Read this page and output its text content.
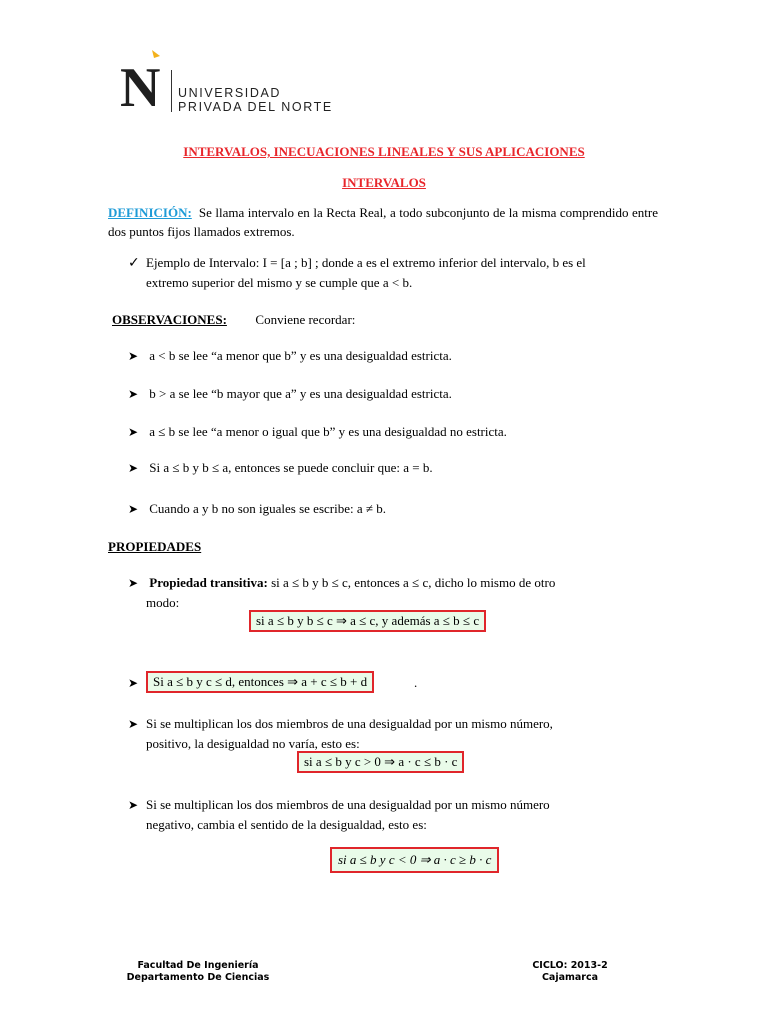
N UNIVERSIDAD
PRIVADA DEL NORTE
INTERVALOS, INECUACIONES LINEALES Y SUS APLICACIONES
INTERVALOS
DEFINICIÓN: Se llama intervalo en la Recta Real, a todo subconjunto de la misma comprendido entre dos puntos fijos llamados extremos.
✓ Ejemplo de Intervalo: I = [a ; b] ; donde a es el extremo inferior del intervalo, b es el
extremo superior del mismo y se cumple que a < b.
OBSERVACIONES: Conviene recordar:
➤ a < b se lee “a menor que b” y es una desigualdad estricta.
➤ b > a se lee “b mayor que a” y es una desigualdad estricta.
➤ a ≤ b se lee “a menor o igual que b” y es una desigualdad no estricta.
➤ Si a ≤ b y b ≤ a, entonces se puede concluir que: a = b.
➤ Cuando a y b no son iguales se escribe: a ≠ b.
PROPIEDADES
➤ Propiedad transitiva: si a ≤ b y b ≤ c, entonces a ≤ c, dicho lo mismo de otro
modo:
si a ≤ b y b ≤ c ⇒ a ≤ c, y además a ≤ b ≤ c
➤	Si a ≤ b y c ≤ d, entonces ⇒ a + c ≤ b + d	.
➤ Si se multiplican los dos miembros de una desigualdad por un mismo número,
positivo, la desigualdad no varía, esto es:
si a ≤ b y c > 0 ⇒ a · c ≤ b · c
➤ Si se multiplican los dos miembros de una desigualdad por un mismo número
negativo, cambia el sentido de la desigualdad, esto es:
si a ≤ b y c < 0 ⇒ a · c ≥ b · c
Facultad De Ingeniería
Departamento De Ciencias
CICLO: 2013-2
Cajamarca
